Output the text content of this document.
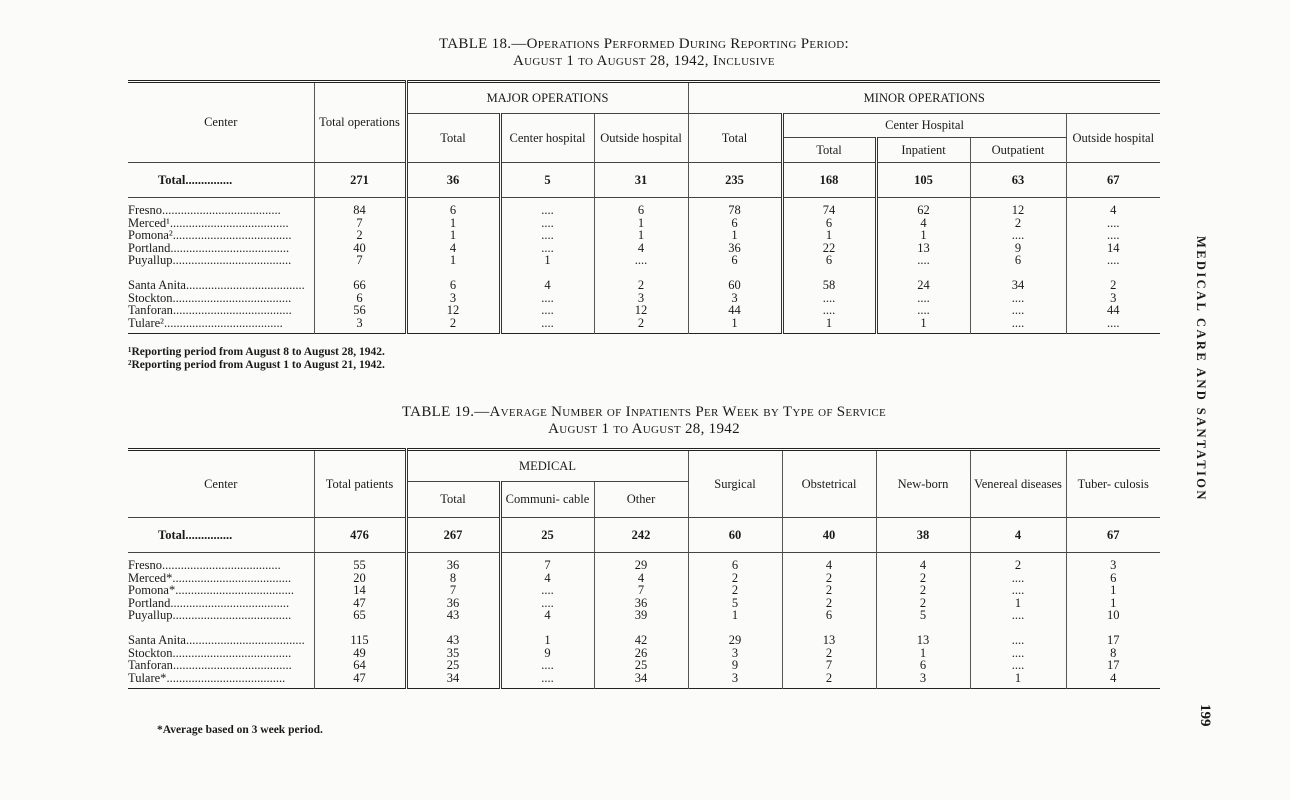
TABLE 18.—Operations Performed During Reporting Period:
August 1 to August 28, 1942, Inclusive
Center	Total operations	MAJOR OPERATIONS			MINOR OPERATIONS				
		Total	Center hospital	Outside hospital	Total	Center Hospital			Outside hospital
						Total	Inpatient	Outpatient	
Total...............	271	36	5	31	235	168	105	63	67
Fresno......................................	84	6	....	6	78	74	62	12	4
Merced¹......................................	7	1	....	1	6	6	4	2	....
Pomona²......................................	2	1	....	1	1	1	1	....	....
Portland......................................	40	4	....	4	36	22	13	9	14
Puyallup......................................	7	1	1	....	6	6	....	6	....
Santa Anita......................................	66	6	4	2	60	58	24	34	2
Stockton......................................	6	3	....	3	3	....	....	....	3
Tanforan......................................	56	12	....	12	44	....	....	....	44
Tulare²......................................	3	2	....	2	1	1	1	....	....
¹Reporting period from August 8 to August 28, 1942.
²Reporting period from August 1 to August 21, 1942.
TABLE 19.—Average Number of Inpatients Per Week by Type of Service
August 1 to August 28, 1942
Center	Total patients	MEDICAL			Surgical	Obstetrical	New-born	Venereal diseases	Tuber- culosis
		Total	Communi- cable	Other					
Total...............	476	267	25	242	60	40	38	4	67
Fresno......................................	55	36	7	29	6	4	4	2	3
Merced*......................................	20	8	4	4	2	2	2	....	6
Pomona*......................................	14	7	....	7	2	2	2	....	1
Portland......................................	47	36	....	36	5	2	2	1	1
Puyallup......................................	65	43	4	39	1	6	5	....	10
Santa Anita......................................	115	43	1	42	29	13	13	....	17
Stockton......................................	49	35	9	26	3	2	1	....	8
Tanforan......................................	64	25	....	25	9	7	6	....	17
Tulare*......................................	47	34	....	34	3	2	3	1	4
*Average based on 3 week period.
MEDICAL CARE AND SANTATION
199
